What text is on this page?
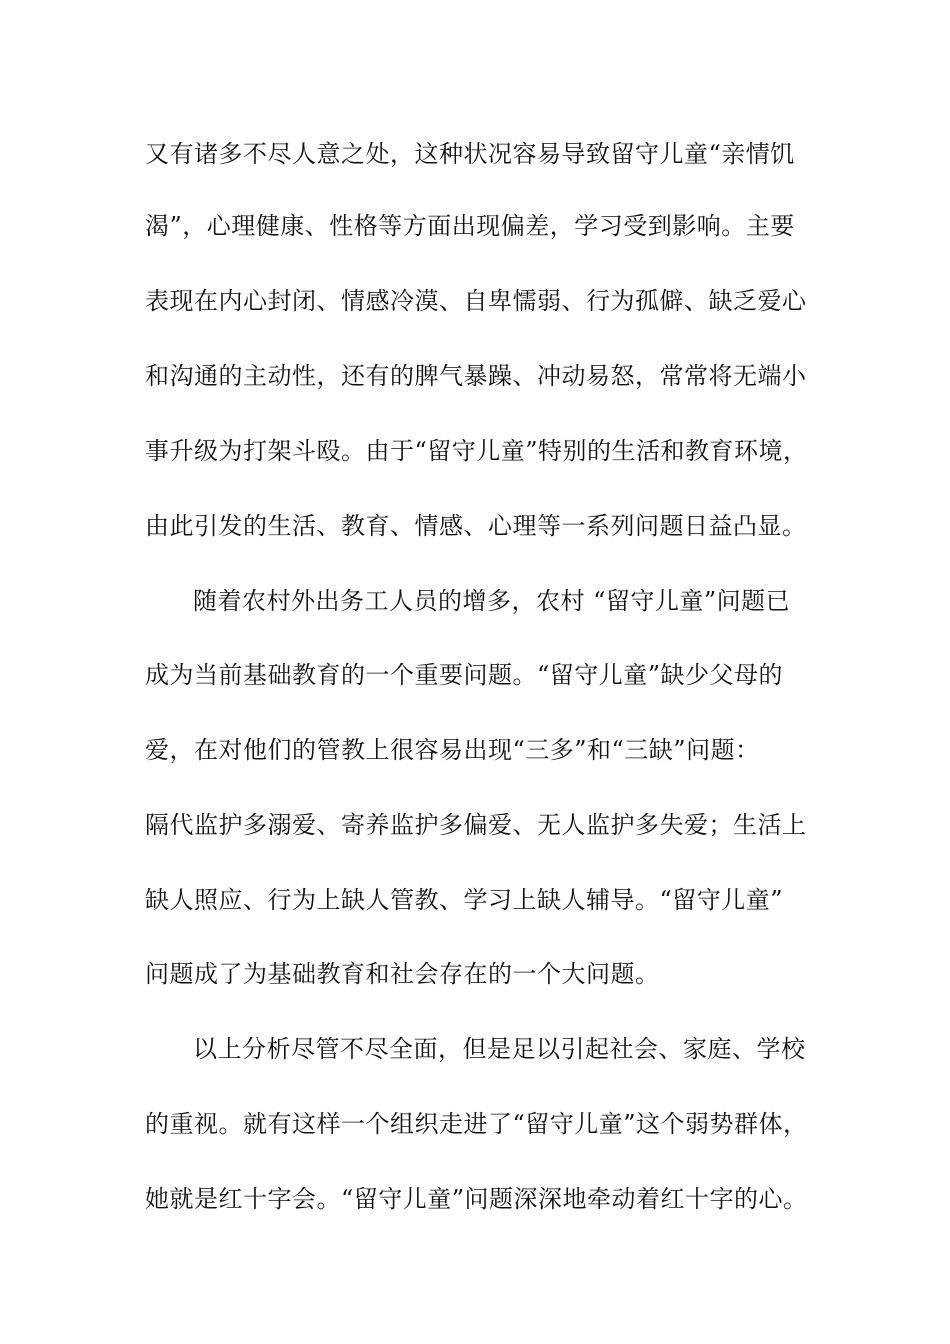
又有诸多不尽人意之处，这种状况容易导致留守儿童“亲情饥
渴”，心理健康、性格等方面出现偏差，学习受到影响。主要
表现在内心封闭、情感冷漠、自卑懦弱、行为孤僻、缺乏爱心
和沟通的主动性，还有的脾气暴躁、冲动易怒，常常将无端小
事升级为打架斗殴。由于“留守儿童”特别的生活和教育环境，
由此引发的生活、教育、情感、心理等一系列问题日益凸显。
随着农村外出务工人员的增多，农村 “留守儿童”问题已
成为当前基础教育的一个重要问题。“留守儿童”缺少父母的
爱，在对他们的管教上很容易出现“三多”和“三缺”问题：
隔代监护多溺爱、寄养监护多偏爱、无人监护多失爱；生活上
缺人照应、行为上缺人管教、学习上缺人辅导。“留守儿童”
问题成了为基础教育和社会存在的一个大问题。
以上分析尽管不尽全面，但是足以引起社会、家庭、学校
的重视。就有这样一个组织走进了“留守儿童”这个弱势群体，
她就是红十字会。“留守儿童”问题深深地牵动着红十字的心。
